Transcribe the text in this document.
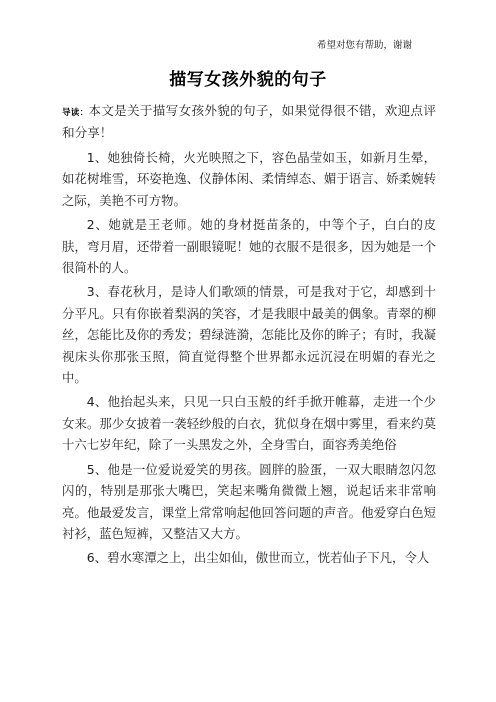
希望对您有帮助，谢谢
描写女孩外貌的句子

导读：本文是关于描写女孩外貌的句子，如果觉得很不错，欢迎点评和分享！

1、她独倚长椅，火光映照之下，容色晶莹如玉，如新月生晕，如花树堆雪，环姿艳逸、仪静体闲、柔情绰态、媚于语言、娇柔婉转之际，美艳不可方物。

2、她就是王老师。她的身材挺苗条的，中等个子，白白的皮肤，弯月眉，还带着一副眼镜呢！她的衣服不是很多，因为她是一个很简朴的人。

3、春花秋月，是诗人们歌颂的情景，可是我对于它，却感到十分平凡。只有你嵌着梨涡的笑容，才是我眼中最美的偶象。青翠的柳丝，怎能比及你的秀发；碧绿涟漪，怎能比及你的眸子；有时，我凝视床头你那张玉照，简直觉得整个世界都永远沉浸在明媚的春光之中。

4、他抬起头来，只见一只白玉般的纤手掀开帷幕，走进一个少女来。那少女披着一袭轻纱般的白衣，犹似身在烟中雾里，看来约莫十六七岁年纪，除了一头黑发之外，全身雪白，面容秀美绝俗

5、他是一位爱说爱笑的男孩。圆胖的脸蛋，一双大眼睛忽闪忽闪的，特别是那张大嘴巴，笑起来嘴角微微上翘，说起话来非常响亮。他最爱发言，课堂上常常响起他回答问题的声音。他爱穿白色短衬衫，蓝色短裤，又整洁又大方。

6、碧水寒潭之上，出尘如仙，傲世而立，恍若仙子下凡，令人
